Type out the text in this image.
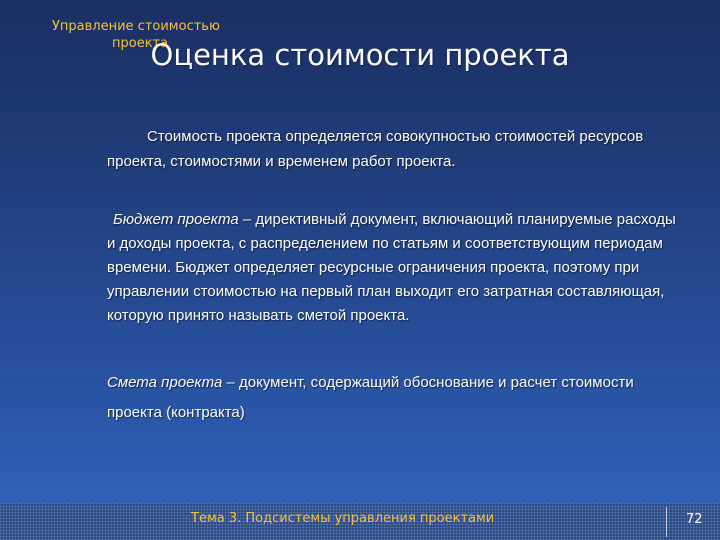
Управление стоимостью
проекта
Оценка стоимости проекта

Стоимость проекта определяется совокупностью стоимостей ресурсов проекта, стоимостями и временем работ проекта.

Бюджет проекта – директивный документ, включающий планируемые расходы и доходы проекта, с распределением по статьям и соответствующим периодам времени. Бюджет определяет ресурсные ограничения проекта, поэтому при управлении стоимостью на первый план выходит его затратная составляющая, которую принято называть сметой проекта.

Смета проекта – документ, содержащий обоснование и расчет стоимости проекта (контракта)

Тема 3. Подсистемы управления проектами	72
